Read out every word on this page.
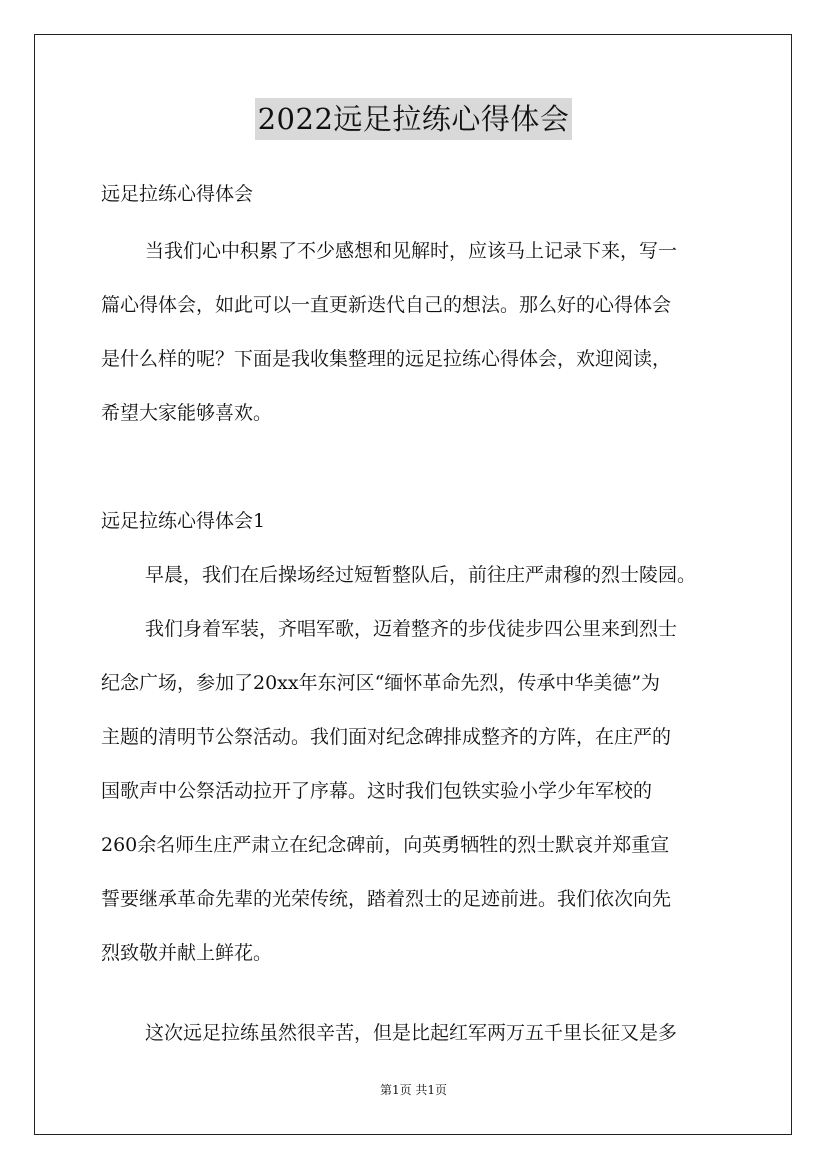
2022远足拉练心得体会
远足拉练心得体会
当我们心中积累了不少感想和见解时，应该马上记录下来，写一
篇心得体会，如此可以一直更新迭代自己的想法。那么好的心得体会
是什么样的呢？下面是我收集整理的远足拉练心得体会，欢迎阅读，
希望大家能够喜欢。
远足拉练心得体会1
早晨，我们在后操场经过短暂整队后，前往庄严肃穆的烈士陵园。
我们身着军装，齐唱军歌，迈着整齐的步伐徒步四公里来到烈士
纪念广场，参加了20xx年东河区“缅怀革命先烈，传承中华美德”为
主题的清明节公祭活动。我们面对纪念碑排成整齐的方阵，在庄严的
国歌声中公祭活动拉开了序幕。这时我们包铁实验小学少年军校的
260余名师生庄严肃立在纪念碑前，向英勇牺牲的烈士默哀并郑重宣
誓要继承革命先辈的光荣传统，踏着烈士的足迹前进。我们依次向先
烈致敬并献上鲜花。
这次远足拉练虽然很辛苦，但是比起红军两万五千里长征又是多
第1页 共1页
